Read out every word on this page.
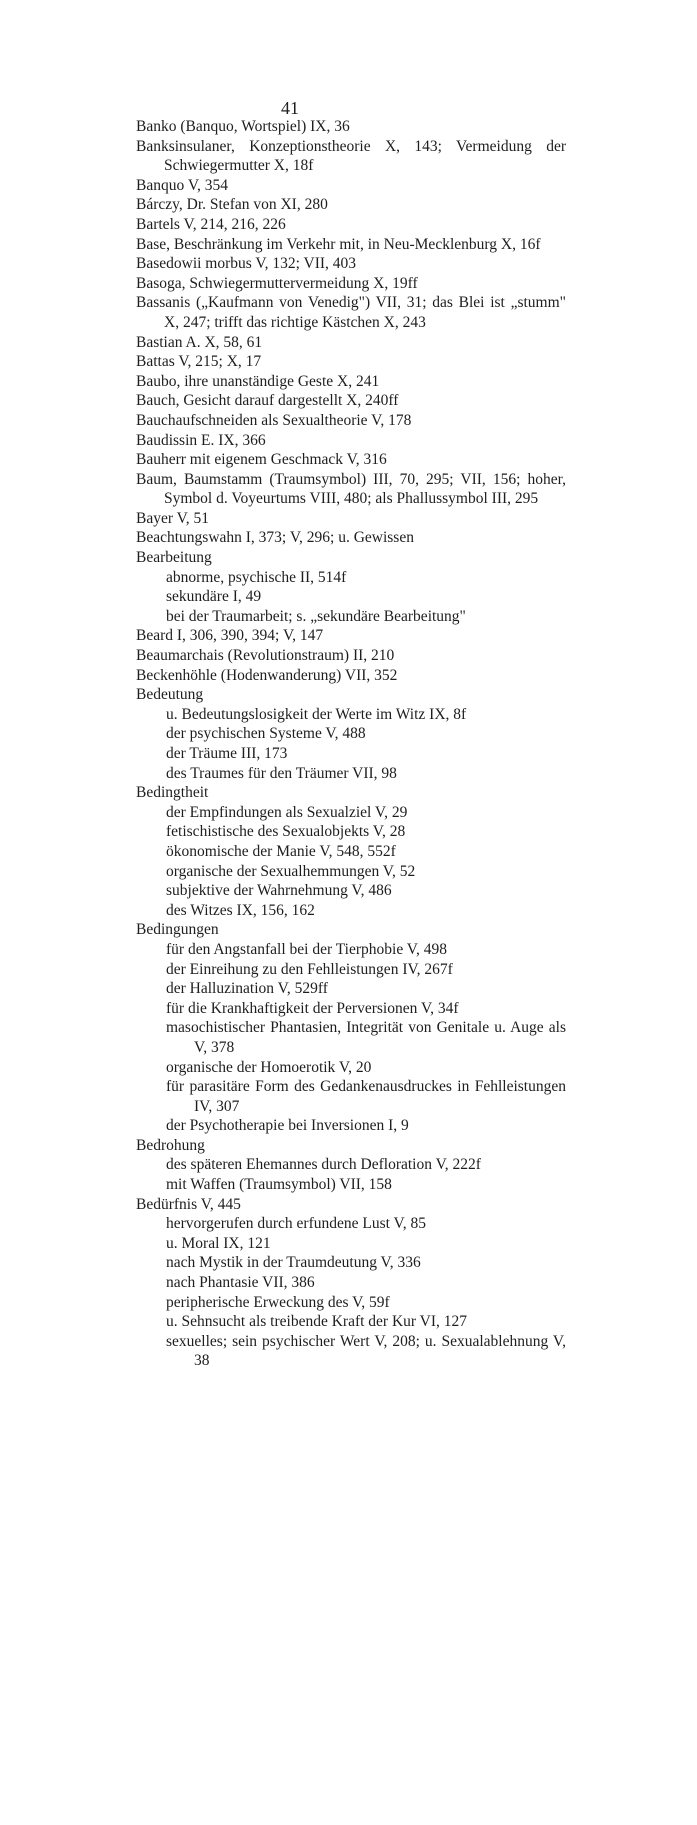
41
Banko (Banquo, Wortspiel) IX, 36
Banksinsulaner, Konzeptionstheorie X, 143; Vermeidung der Schwiegermutter X, 18f
Banquo V, 354
Bárczy, Dr. Stefan von XI, 280
Bartels V, 214, 216, 226
Base, Beschränkung im Verkehr mit, in Neu-Mecklenburg X, 16f
Basedowii morbus V, 132; VII, 403
Basoga, Schwiegermuttervermeidung X, 19ff
Bassanis („Kaufmann von Venedig") VII, 31; das Blei ist „stumm" X, 247; trifft das richtige Kästchen X, 243
Bastian A. X, 58, 61
Battas V, 215; X, 17
Baubo, ihre unanständige Geste X, 241
Bauch, Gesicht darauf dargestellt X, 240ff
Bauchaufschneiden als Sexualtheorie V, 178
Baudissin E. IX, 366
Bauherr mit eigenem Geschmack V, 316
Baum, Baumstamm (Traumsymbol) III, 70, 295; VII, 156; hoher, Symbol d. Voyeurtums VIII, 480; als Phallussymbol III, 295
Bayer V, 51
Beachtungswahn I, 373; V, 296; u. Gewissen
Bearbeitung
abnorme, psychische II, 514f
sekundäre I, 49
bei der Traumarbeit; s. „sekundäre Bearbeitung"
Beard I, 306, 390, 394; V, 147
Beaumarchais (Revolutionstraum) II, 210
Beckenhöhle (Hodenwanderung) VII, 352
Bedeutung
u. Bedeutungslosigkeit der Werte im Witz IX, 8f
der psychischen Systeme V, 488
der Träume III, 173
des Traumes für den Träumer VII, 98
Bedingtheit
der Empfindungen als Sexualziel V, 29
fetischistische des Sexualobjekts V, 28
ökonomische der Manie V, 548, 552f
organische der Sexualhemmungen V, 52
subjektive der Wahrnehmung V, 486
des Witzes IX, 156, 162
Bedingungen
für den Angstanfall bei der Tierphobie V, 498
der Einreihung zu den Fehlleistungen IV, 267f
der Halluzination V, 529ff
für die Krankhaftigkeit der Perversionen V, 34f
masochistischer Phantasien, Integrität von Genitale u. Auge als V, 378
organische der Homoerotik V, 20
für parasitäre Form des Gedankenausdruckes in Fehlleistungen IV, 307
der Psychotherapie bei Inversionen I, 9
Bedrohung
des späteren Ehemannes durch Defloration V, 222f
mit Waffen (Traumsymbol) VII, 158
Bedürfnis V, 445
hervorgerufen durch erfundene Lust V, 85
u. Moral IX, 121
nach Mystik in der Traumdeutung V, 336
nach Phantasie VII, 386
peripherische Erweckung des V, 59f
u. Sehnsucht als treibende Kraft der Kur VI, 127
sexuelles; sein psychischer Wert V, 208; u. Sexualablehnung V, 38
